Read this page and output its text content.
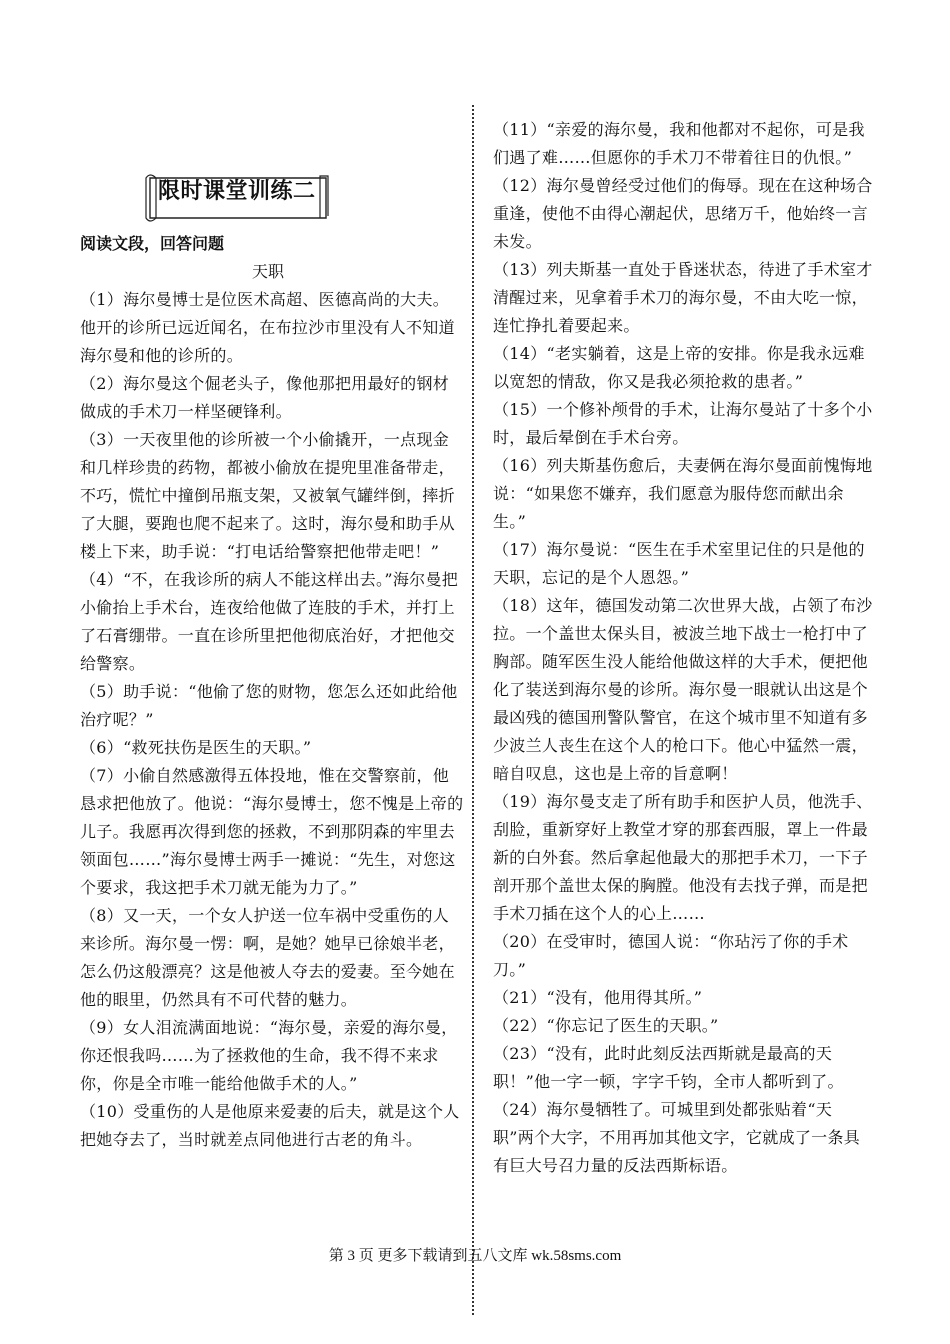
限时课堂训练二
阅读文段，回答问题
天职

（1）海尔曼博士是位医术高超、医德高尚的大夫。他开的诊所已远近闻名，在布拉沙市里没有人不知道海尔曼和他的诊所的。

（2）海尔曼这个倔老头子，像他那把用最好的钢材做成的手术刀一样坚硬锋利。

（3）一天夜里他的诊所被一个小偷撬开，一点现金和几样珍贵的药物，都被小偷放在提兜里准备带走，不巧，慌忙中撞倒吊瓶支架，又被氧气罐绊倒，摔折了大腿，要跑也爬不起来了。这时，海尔曼和助手从楼上下来，助手说：“打电话给警察把他带走吧！”

（4）“不，在我诊所的病人不能这样出去。”海尔曼把小偷抬上手术台，连夜给他做了连肢的手术，并打上了石膏绷带。一直在诊所里把他彻底治好，才把他交给警察。

（5）助手说：“他偷了您的财物，您怎么还如此给他治疗呢？”

（6）“救死扶伤是医生的天职。”

（7）小偷自然感激得五体投地，惟在交警察前，他恳求把他放了。他说：“海尔曼博士，您不愧是上帝的儿子。我愿再次得到您的拯救，不到那阴森的牢里去领面包……”海尔曼博士两手一摊说：“先生，对您这个要求，我这把手术刀就无能为力了。”

（8）又一天，一个女人护送一位车祸中受重伤的人来诊所。海尔曼一愣：啊，是她？她早已徐娘半老，怎么仍这般漂亮？这是他被人夺去的爱妻。至今她在他的眼里，仍然具有不可代替的魅力。

（9）女人泪流满面地说：“海尔曼，亲爱的海尔曼，你还恨我吗……为了拯救他的生命，我不得不来求你，你是全市唯一能给他做手术的人。”

（10）受重伤的人是他原来爱妻的后夫，就是这个人把她夺去了，当时就差点同他进行古老的角斗。

（11）“亲爱的海尔曼，我和他都对不起你，可是我们遇了难……但愿你的手术刀不带着往日的仇恨。”

（12）海尔曼曾经受过他们的侮辱。现在在这种场合重逢，使他不由得心潮起伏，思绪万千，他始终一言未发。

（13）列夫斯基一直处于昏迷状态，待进了手术室才清醒过来，见拿着手术刀的海尔曼，不由大吃一惊，连忙挣扎着要起来。

（14）“老实躺着，这是上帝的安排。你是我永远难以宽恕的情敌，你又是我必须抢救的患者。”

（15）一个修补颅骨的手术，让海尔曼站了十多个小时，最后晕倒在手术台旁。

（16）列夫斯基伤愈后，夫妻俩在海尔曼面前愧悔地说：“如果您不嫌弃，我们愿意为服侍您而献出余生。”

（17）海尔曼说：“医生在手术室里记住的只是他的天职，忘记的是个人恩怨。”

（18）这年，德国发动第二次世界大战，占领了布沙拉。一个盖世太保头目，被波兰地下战士一枪打中了胸部。随军医生没人能给他做这样的大手术，便把他化了装送到海尔曼的诊所。海尔曼一眼就认出这是个最凶残的德国刑警队警官，在这个城市里不知道有多少波兰人丧生在这个人的枪口下。他心中猛然一震，暗自叹息，这也是上帝的旨意啊！

（19）海尔曼支走了所有助手和医护人员，他洗手、刮脸，重新穿好上教堂才穿的那套西服，罩上一件最新的白外套。然后拿起他最大的那把手术刀，一下子剖开那个盖世太保的胸膛。他没有去找子弹，而是把手术刀插在这个人的心上……

（20）在受审时，德国人说：“你玷污了你的手术刀。”

（21）“没有，他用得其所。”

（22）“你忘记了医生的天职。”

（23）“没有，此时此刻反法西斯就是最高的天职！”他一字一顿，字字千钧，全市人都听到了。

（24）海尔曼牺牲了。可城里到处都张贴着“天职”两个大字，不用再加其他文字，它就成了一条具有巨大号召力量的反法西斯标语。

第 3 页 更多下载请到五八文库 wk.58sms.com
